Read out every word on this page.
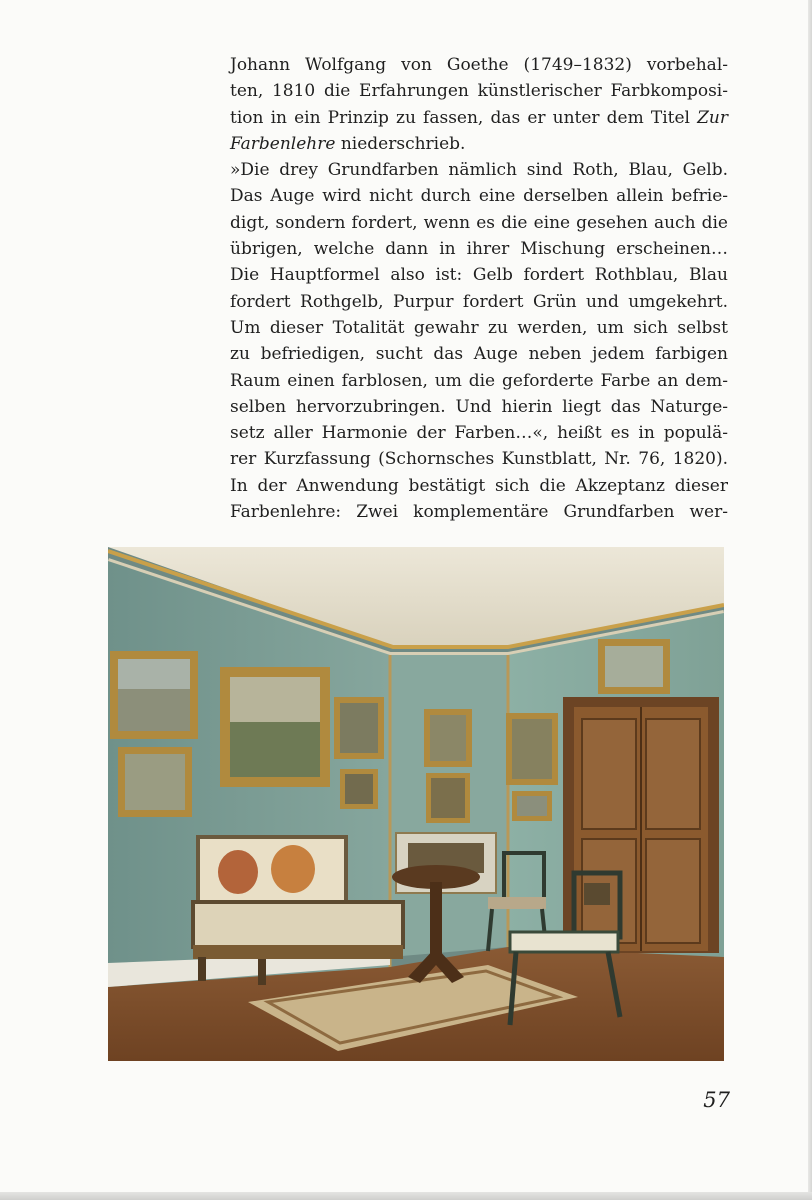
Johann Wolfgang von Goethe (1749–1832) vorbehal-
ten, 1810 die Erfahrungen künstlerischer Farbkomposi-
tion in ein Prinzip zu fassen, das er unter dem Titel Zur
Farbenlehre niederschrieb.
»Die drey Grundfarben nämlich sind Roth, Blau, Gelb.
Das Auge wird nicht durch eine derselben allein befrie-
digt, sondern fordert, wenn es die eine gesehen auch die
übrigen, welche dann in ihrer Mischung erscheinen…
Die Hauptformel also ist: Gelb fordert Rothblau, Blau
fordert Rothgelb, Purpur fordert Grün und umgekehrt.
Um dieser Totalität gewahr zu werden, um sich selbst
zu befriedigen, sucht das Auge neben jedem farbigen
Raum einen farblosen, um die geforderte Farbe an dem-
selben hervorzubringen. Und hierin liegt das Naturge-
setz aller Harmonie der Farben…«, heißt es in populä-
rer Kurzfassung (Schornsches Kunstblatt, Nr. 76, 1820).
In der Anwendung bestätigt sich die Akzeptanz dieser
Farbenlehre: Zwei komplementäre Grundfarben wer-
57
